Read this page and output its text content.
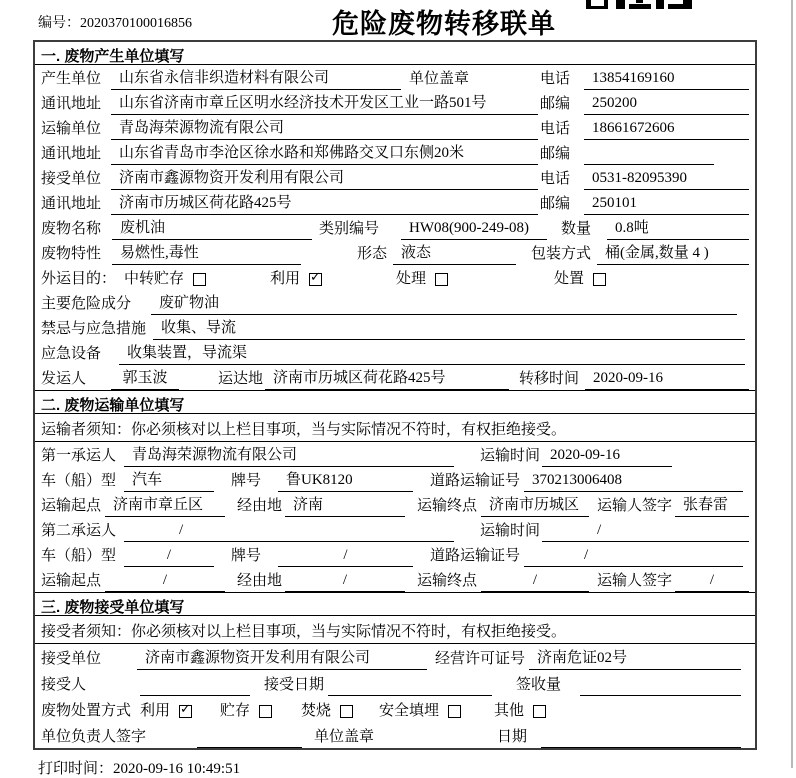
编号：2020370100016856	危险废物转移联单
一. 废物产生单位填写
产生单位	山东省永信非织造材料有限公司	单位盖章	电话	13854169160
通讯地址	山东省济南市章丘区明水经济技术开发区工业一路501号	邮编	250200
运输单位	青岛海荣源物流有限公司	电话	18661672606
通讯地址	山东省青岛市李沧区徐水路和郑佛路交叉口东侧20米	邮编
接受单位	济南市鑫源物资开发利用有限公司	电话	0531-82095390
通讯地址	济南市历城区荷花路425号	邮编	250101
废物名称	废机油	类别编号	HW08(900-249-08)	数量	0.8吨
废物特性	易燃性,毒性	形态 液态	包装方式 桶(金属,数量 4 )
外运目的： 中转贮存	利用 ✓	处理	处置
主要危险成分	废矿物油
禁忌与应急措施 收集、导流
应急设备	收集装置，导流渠
发运人	郭玉波	运达地 济南市历城区荷花路425号	转移时间 2020-09-16
二. 废物运输单位填写
运输者须知：你必须核对以上栏目事项，当与实际情况不符时，有权拒绝接受。
第一承运人	青岛海荣源物流有限公司	运输时间 2020-09-16
车（船）型	汽车	牌号	鲁UK8120	道路运输证号 370213006408
运输起点 济南市章丘区	经由地 济南	运输终点 济南市历城区	运输人签字 张春雷
第二承运人	/	运输时间	/
车（船）型	/	牌号	/	道路运输证号	/
运输起点	/	经由地	/	运输终点	/	运输人签字	/
三. 废物接受单位填写
接受者须知：你必须核对以上栏目事项，当与实际情况不符时，有权拒绝接受。
接受单位	济南市鑫源物资开发利用有限公司	经营许可证号 济南危证02号
接受人	接受日期	签收量
废物处置方式 利用 ✓	贮存	焚烧	安全填埋	其他
单位负责人签字	单位盖章	日期
打印时间：2020-09-16 10:49:51
